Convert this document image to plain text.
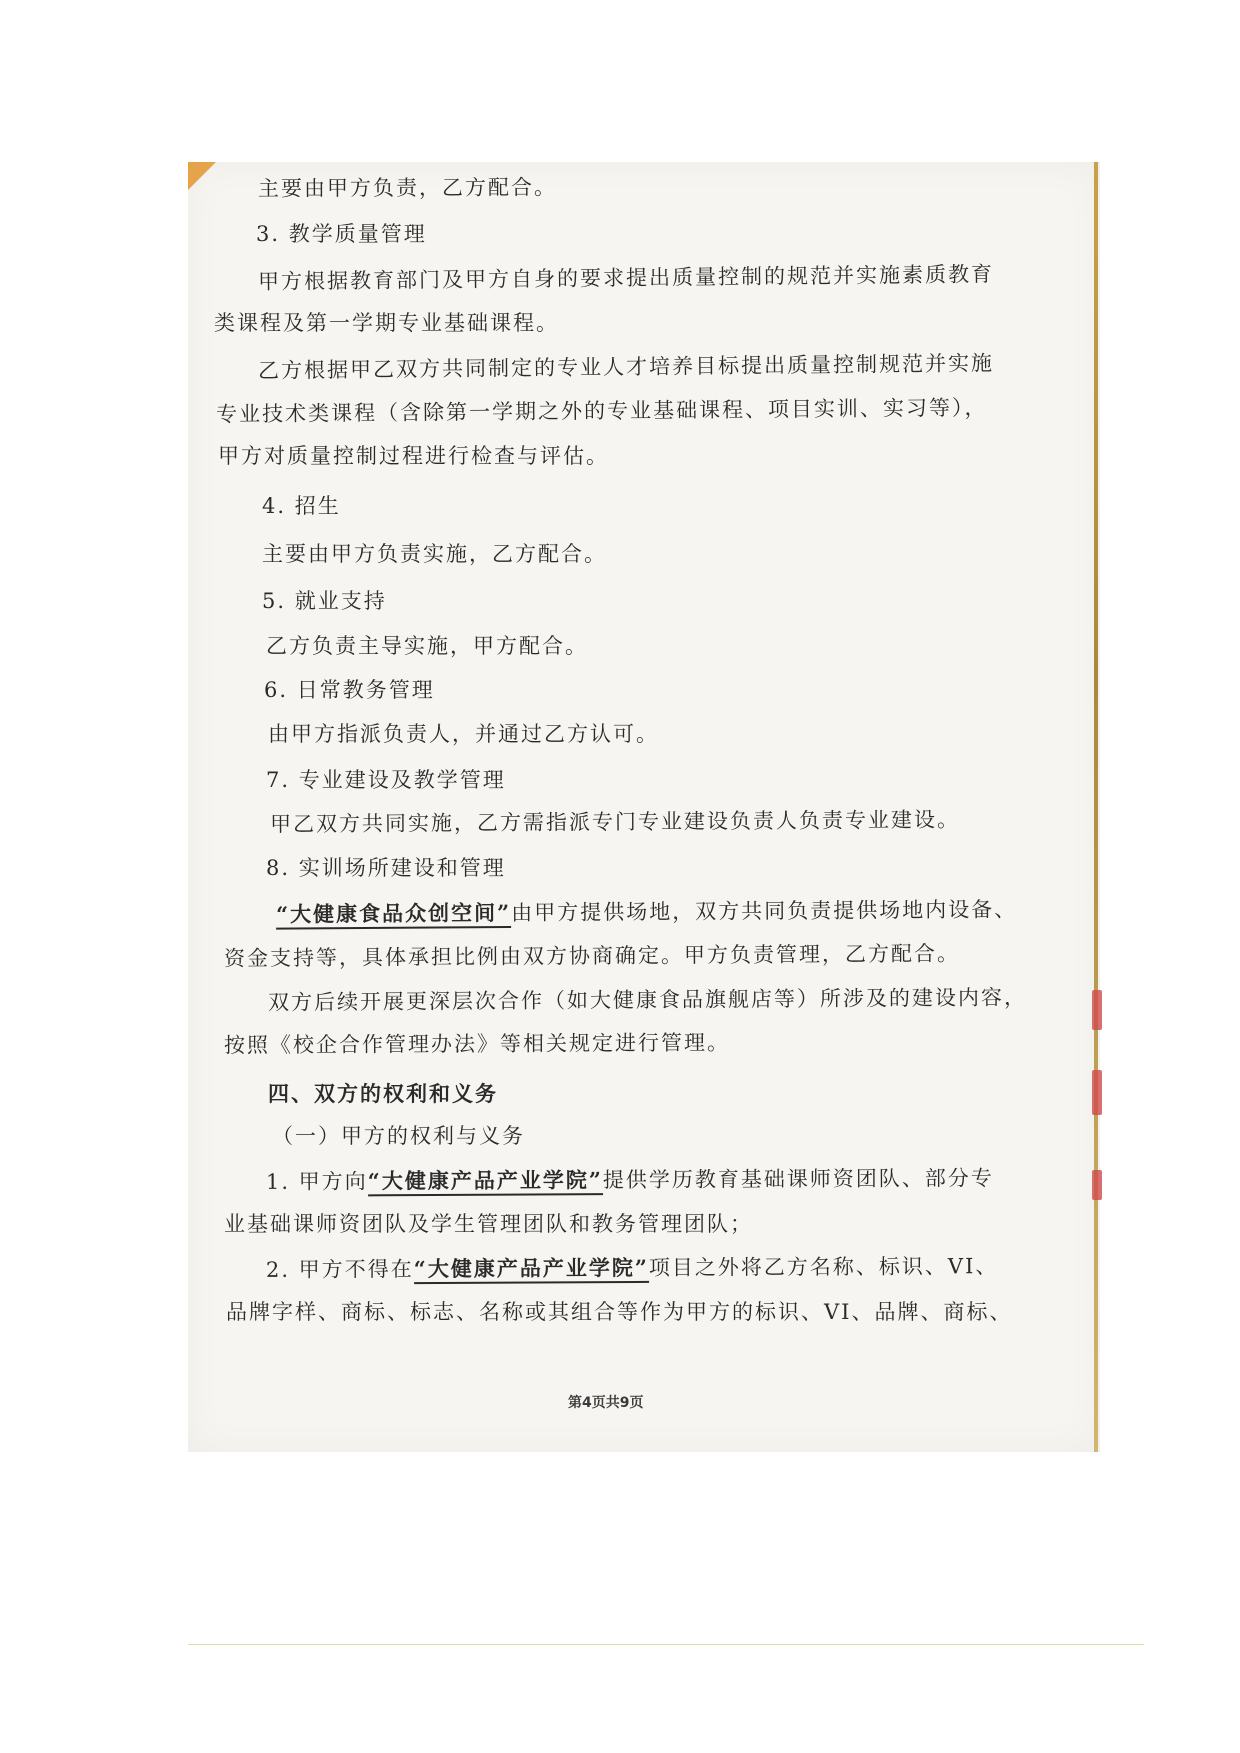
主要由甲方负责，乙方配合。
3. 教学质量管理
甲方根据教育部门及甲方自身的要求提出质量控制的规范并实施素质教育
类课程及第一学期专业基础课程。
乙方根据甲乙双方共同制定的专业人才培养目标提出质量控制规范并实施
专业技术类课程（含除第一学期之外的专业基础课程、项目实训、实习等），
甲方对质量控制过程进行检查与评估。
4. 招生
主要由甲方负责实施，乙方配合。
5. 就业支持
乙方负责主导实施，甲方配合。
6. 日常教务管理
由甲方指派负责人，并通过乙方认可。
7. 专业建设及教学管理
甲乙双方共同实施，乙方需指派专门专业建设负责人负责专业建设。
8. 实训场所建设和管理
“大健康食品众创空间”由甲方提供场地，双方共同负责提供场地内设备、
资金支持等，具体承担比例由双方协商确定。甲方负责管理，乙方配合。
双方后续开展更深层次合作（如大健康食品旗舰店等）所涉及的建设内容，
按照《校企合作管理办法》等相关规定进行管理。
四、双方的权利和义务
（一）甲方的权利与义务
1. 甲方向“大健康产品产业学院”提供学历教育基础课师资团队、部分专
业基础课师资团队及学生管理团队和教务管理团队；
2. 甲方不得在“大健康产品产业学院”项目之外将乙方名称、标识、VI、
品牌字样、商标、标志、名称或其组合等作为甲方的标识、VI、品牌、商标、
第4页共9页
